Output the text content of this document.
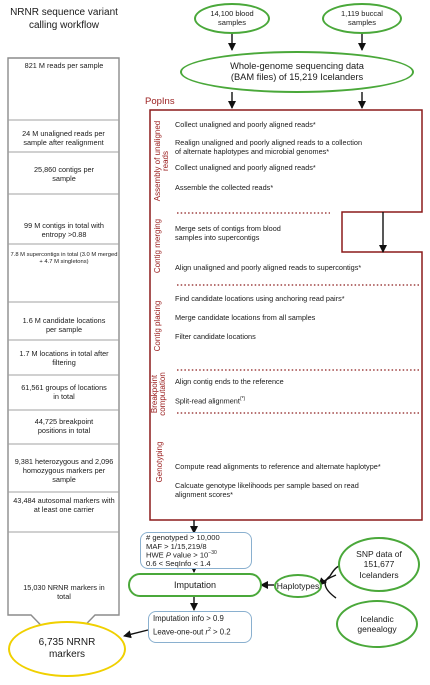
NRNR sequence variant calling workflow
821 M reads per sample
24 M unaligned reads per sample after realignment
25,860 contigs per sample
99 M contigs in total with entropy >0.88
7.8 M supercontigs in total (3.0 M merged + 4.7 M singletons)
1.6 M candidate locations per sample
1.7 M locations in total after filtering
61,561 groups of locations in total
44,725 breakpoint positions in total
9,381 heterozygous and 2,096 homozygous markers per sample
43,484 autosomal markers with at least one carrier
15,030 NRNR markers in total
14,100 blood samples
1,119 buccal samples
Whole-genome sequencing data (BAM files) of 15,219 Icelanders
PopIns
Assembly of unaligned reads
Contig merging
Contig placing
Breakpoint computation
Genotyping
Collect unaligned and poorly aligned reads*
Realign unaligned and poorly aligned reads to a collection
of alternate haplotypes and microbial genomes*
Collect unaligned and poorly aligned reads*
Assemble the collected reads*
Merge sets of contigs from blood
samples into supercontigs
Align unaligned and poorly aligned reads to supercontigs*
Find candidate locations using anchoring read pairs*
Merge candidate locations from all samples
Filter candidate locations
Align contig ends to the reference
Split-read alignment(*)
Compute read alignments to reference and alternate haplotype*
Calcuate genotype likelihoods per sample based on read
alignment scores*
Imputation	Haplotypes
SNP data of 151,677 Icelanders
Icelandic genealogy
6,735 NRNR markers
# genotyped > 10,000
MAF > 1/15,219/8
HWE P value > $10^{-30}$
0.6 < SeqInfo < 1.4
Imputation info > 0.9
Leave-one-out $r^2 > 0.2$
